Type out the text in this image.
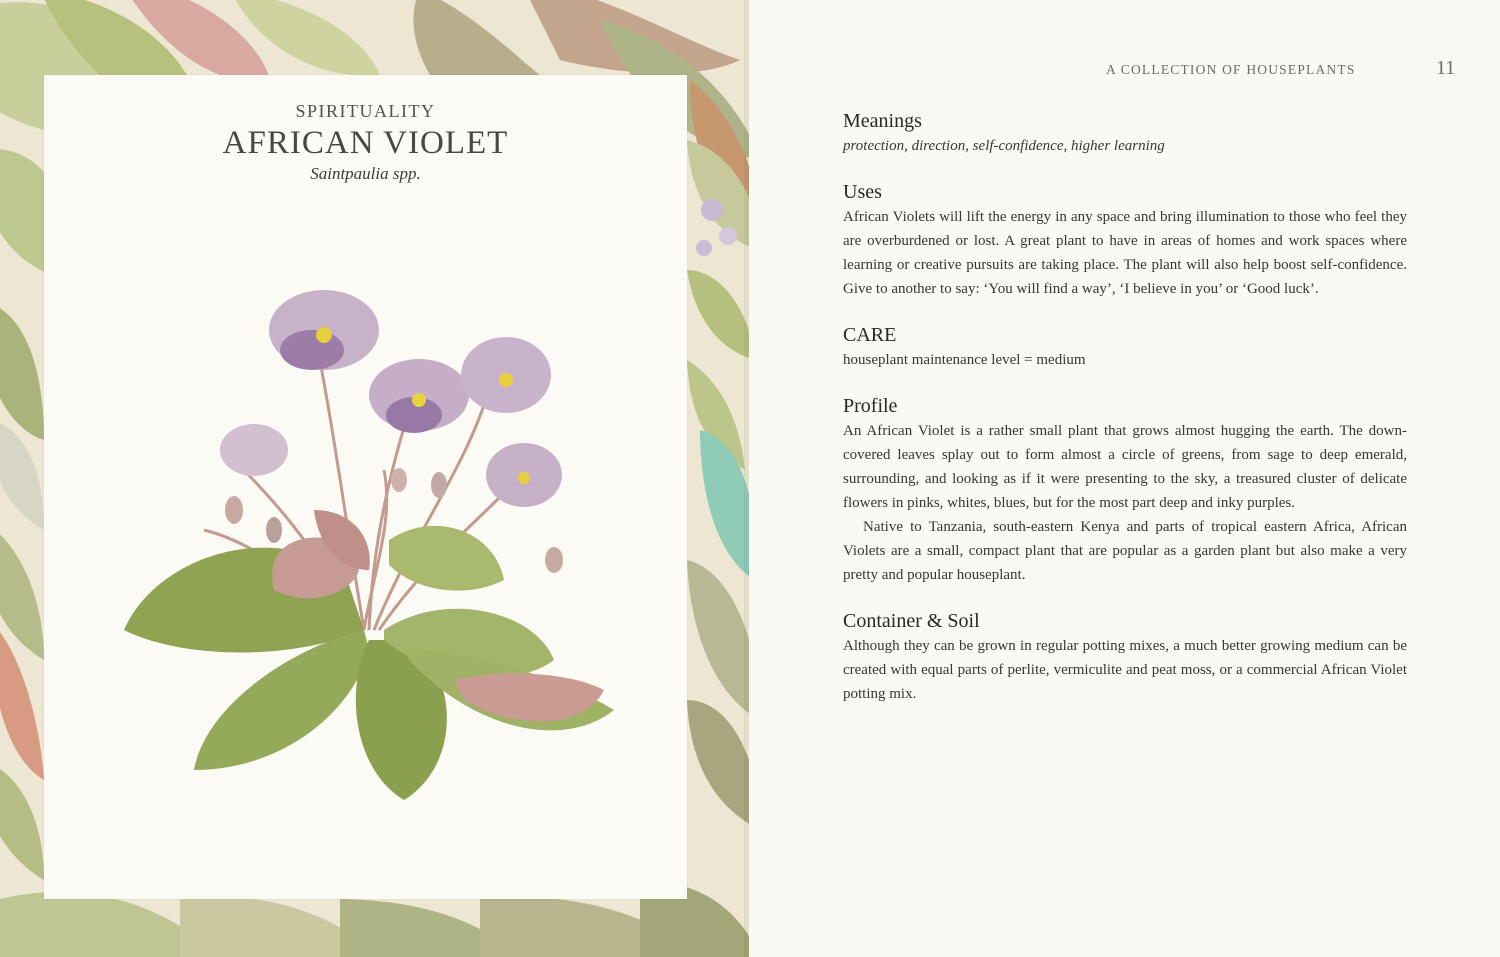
SPIRITUALITY
AFRICAN VIOLET
Saintpaulia spp.
A COLLECTION OF HOUSEPLANTS	11
Meanings

protection, direction, self-confidence, higher learning

Uses

African Violets will lift the energy in any space and bring illumination to those who feel they are overburdened or lost. A great plant to have in areas of homes and work spaces where learning or creative pursuits are taking place. The plant will also help boost self-confidence. Give to another to say: ‘You will find a way’, ‘I believe in you’ or ‘Good luck’.

CARE

houseplant maintenance level = medium

Profile

An African Violet is a rather small plant that grows almost hugging the earth. The down-covered leaves splay out to form almost a circle of greens, from sage to deep emerald, surrounding, and looking as if it were presenting to the sky, a treasured cluster of delicate flowers in pinks, whites, blues, but for the most part deep and inky purples.

Native to Tanzania, south-eastern Kenya and parts of tropical eastern Africa, African Violets are a small, compact plant that are popular as a garden plant but also make a very pretty and popular houseplant.

Container & Soil

Although they can be grown in regular potting mixes, a much better growing medium can be created with equal parts of perlite, vermiculite and peat moss, or a commercial African Violet potting mix.
